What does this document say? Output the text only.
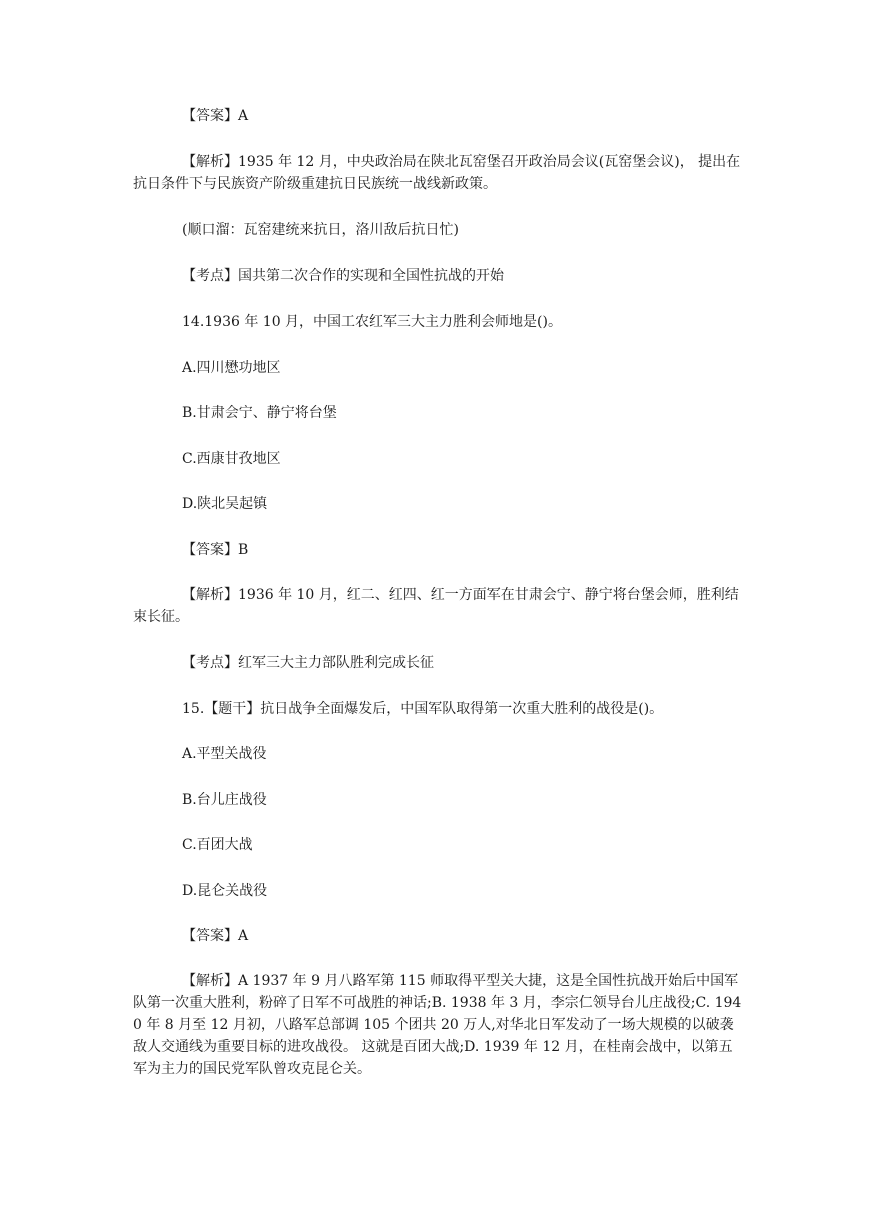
【答案】A

【解析】1935 年 12 月，中央政治局在陕北瓦窑堡召开政治局会议(瓦窑堡会议)， 提出在抗日条件下与民族资产阶级重建抗日民族统一战线新政策。

(顺口溜：瓦窑建统来抗日，洛川敌后抗日忙)

【考点】国共第二次合作的实现和全国性抗战的开始

14.1936 年 10 月，中国工农红军三大主力胜利会师地是()。

A.四川懋功地区

B.甘肃会宁、静宁将台堡

C.西康甘孜地区

D.陕北吴起镇

【答案】B

【解析】1936 年 10 月，红二、红四、红一方面军在甘肃会宁、静宁将台堡会师，胜利结束长征。

【考点】红军三大主力部队胜利完成长征

15.【题干】抗日战争全面爆发后，中国军队取得第一次重大胜利的战役是()。

A.平型关战役

B.台儿庄战役

C.百团大战

D.昆仑关战役

【答案】A

【解析】A 1937 年 9 月八路军第 115 师取得平型关大捷，这是全国性抗战开始后中国军队第一次重大胜利，粉碎了日军不可战胜的神话;B. 1938 年 3 月，李宗仁领导台儿庄战役;C. 1940 年 8 月至 12 月初，八路军总部调 105 个团共 20 万人,对华北日军发动了一场大规模的以破袭敌人交通线为重要目标的进攻战役。 这就是百团大战;D. 1939 年 12 月，在桂南会战中，以第五军为主力的国民党军队曾攻克昆仑关。
